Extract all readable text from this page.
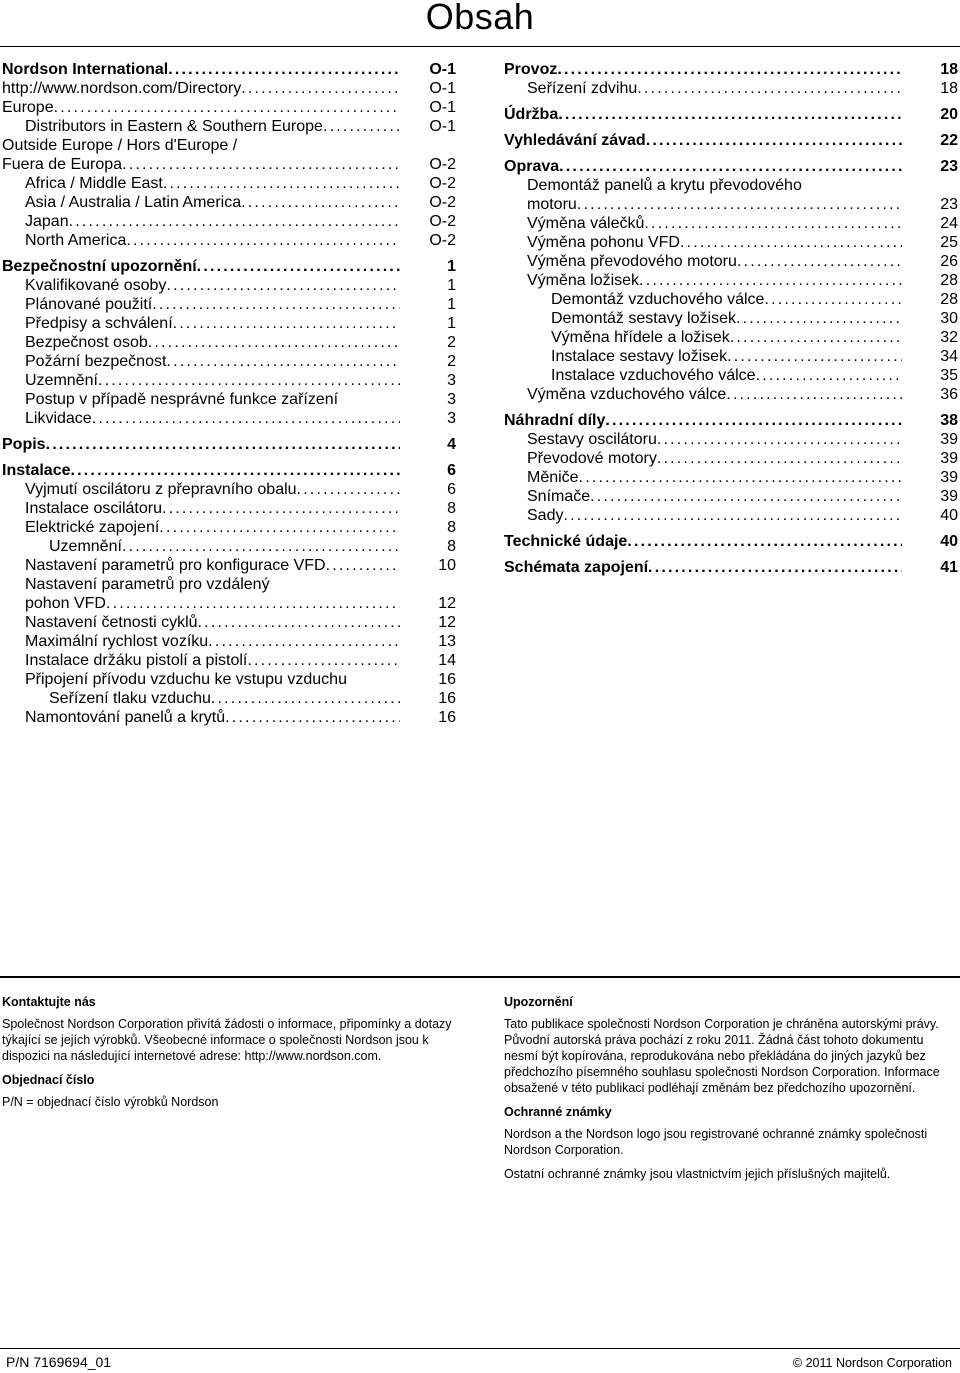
Obsah
Nordson International .....	O-1
http://www.nordson.com/Directory .....	O-1
Europe .....	O-1
Distributors in Eastern & Southern Europe .....	O-1
Outside Europe / Hors d'Europe /
Fuera de Europa .....	O-2
Africa / Middle East .....	O-2
Asia / Australia / Latin America .....	O-2
Japan .....	O-2
North America .....	O-2
Bezpečnostní upozornění .....	1
Kvalifikované osoby .....	1
Plánované použití .....	1
Předpisy a schválení .....	1
Bezpečnost osob .....	2
Požární bezpečnost .....	2
Uzemnění .....	3
Postup v případě nesprávné funkce zařízení	3
Likvidace .....	3
Popis .....	4
Instalace .....	6
Vyjmutí oscilátoru z přepravního obalu .....	6
Instalace oscilátoru .....	8
Elektrické zapojení .....	8
Uzemnění .....	8
Nastavení parametrů pro konfigurace VFD .....	10
Nastavení parametrů pro vzdálený
pohon VFD .....	12
Nastavení četnosti cyklů .....	12
Maximální rychlost vozíku .....	13
Instalace držáku pistolí a pistolí .....	14
Připojení přívodu vzduchu ke vstupu vzduchu	16
Seřízení tlaku vzduchu .....	16
Namontování panelů a krytů .....	16
Provoz .....	18
Seřízení zdvihu .....	18
Údržba .....	20
Vyhledávání závad .....	22
Oprava .....	23
Demontáž panelů a krytu převodového
motoru .....	23
Výměna válečků .....	24
Výměna pohonu VFD .....	25
Výměna převodového motoru .....	26
Výměna ložisek .....	28
Demontáž vzduchového válce .....	28
Demontáž sestavy ložisek .....	30
Výměna hřídele a ložisek .....	32
Instalace sestavy ložisek .....	34
Instalace vzduchového válce .....	35
Výměna vzduchového válce .....	36
Náhradní díly .....	38
Sestavy oscilátoru .....	39
Převodové motory .....	39
Měniče .....	39
Snímače .....	39
Sady .....	40
Technické údaje .....	40
Schémata zapojení .....	41
Kontaktujte nás

Společnost Nordson Corporation přivítá žádosti o informace, připomínky a dotazy týkající se jejích výrobků. Všeobecné informace o společnosti Nordson jsou k dispozici na následující internetové adrese: http://www.nordson.com.

Objednací číslo

P/N = objednací číslo výrobků Nordson

Upozornění

Tato publikace společnosti Nordson Corporation je chráněna autorskými právy. Původní autorská práva pochází z roku 2011. Žádná část tohoto dokumentu nesmí být kopírována, reprodukována nebo překládána do jiných jazyků bez předchozího písemného souhlasu společnosti Nordson Corporation. Informace obsažené v této publikaci podléhají změnám bez předchozího upozornění.

Ochranné známky

Nordson a the Nordson logo jsou registrované ochranné známky společnosti Nordson Corporation.

Ostatní ochranné známky jsou vlastnictvím jejich příslušných majitelů.

P/N 7169694_01	© 2011 Nordson Corporation
